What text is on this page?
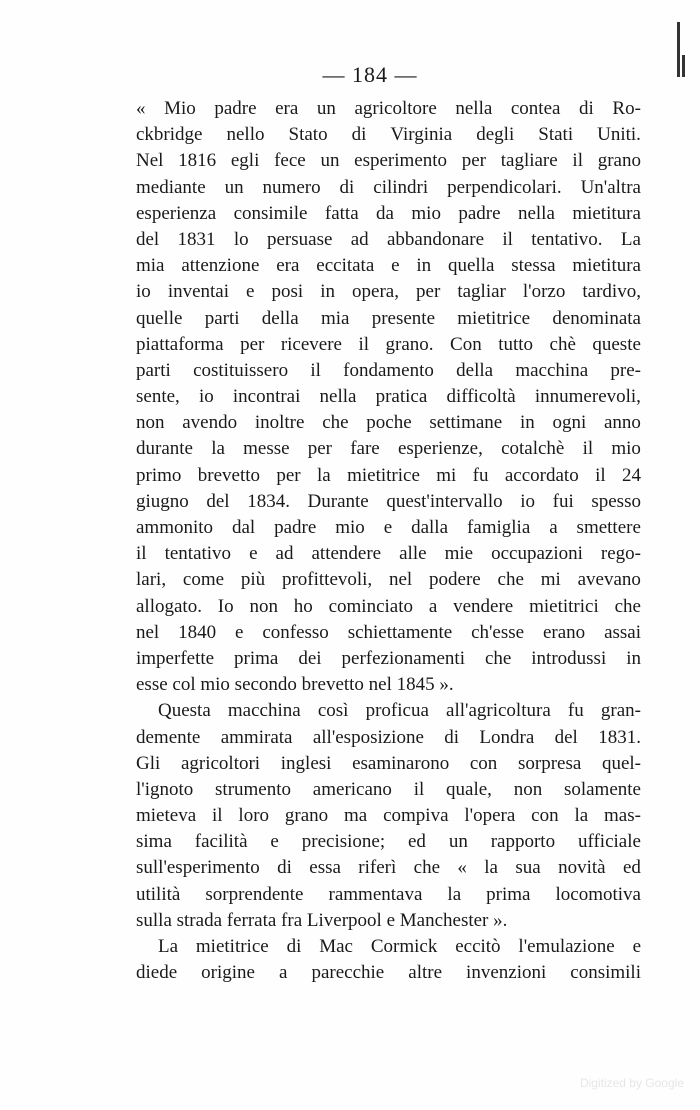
— 184 —
« Mio padre era un agricoltore nella contea di Ro-
ckbridge nello Stato di Virginia degli Stati Uniti.
Nel 1816 egli fece un esperimento per tagliare il grano
mediante un numero di cilindri perpendicolari. Un'altra
esperienza consimile fatta da mio padre nella mietitura
del 1831 lo persuase ad abbandonare il tentativo. La
mia attenzione era eccitata e in quella stessa mietitura
io inventai e posi in opera, per tagliar l'orzo tardivo,
quelle parti della mia presente mietitrice denominata
piattaforma per ricevere il grano. Con tutto chè queste
parti costituissero il fondamento della macchina pre-
sente, io incontrai nella pratica difficoltà innumerevoli,
non avendo inoltre che poche settimane in ogni anno
durante la messe per fare esperienze, cotalchè il mio
primo brevetto per la mietitrice mi fu accordato il 24
giugno del 1834. Durante quest'intervallo io fui spesso
ammonito dal padre mio e dalla famiglia a smettere
il tentativo e ad attendere alle mie occupazioni rego-
lari, come più profittevoli, nel podere che mi avevano
allogato. Io non ho cominciato a vendere mietitrici che
nel 1840 e confesso schiettamente ch'esse erano assai
imperfette prima dei perfezionamenti che introdussi in
esse col mio secondo brevetto nel 1845 ».
Questa macchina così proficua all'agricoltura fu gran-
demente ammirata all'esposizione di Londra del 1831.
Gli agricoltori inglesi esaminarono con sorpresa quel-
l'ignoto strumento americano il quale, non solamente
mieteva il loro grano ma compiva l'opera con la mas-
sima facilità e precisione; ed un rapporto ufficiale
sull'esperimento di essa riferì che « la sua novità ed
utilità sorprendente rammentava la prima locomotiva
sulla strada ferrata fra Liverpool e Manchester ».
La mietitrice di Mac Cormick eccitò l'emulazione e
diede origine a parecchie altre invenzioni consimili
Digitized by Google
